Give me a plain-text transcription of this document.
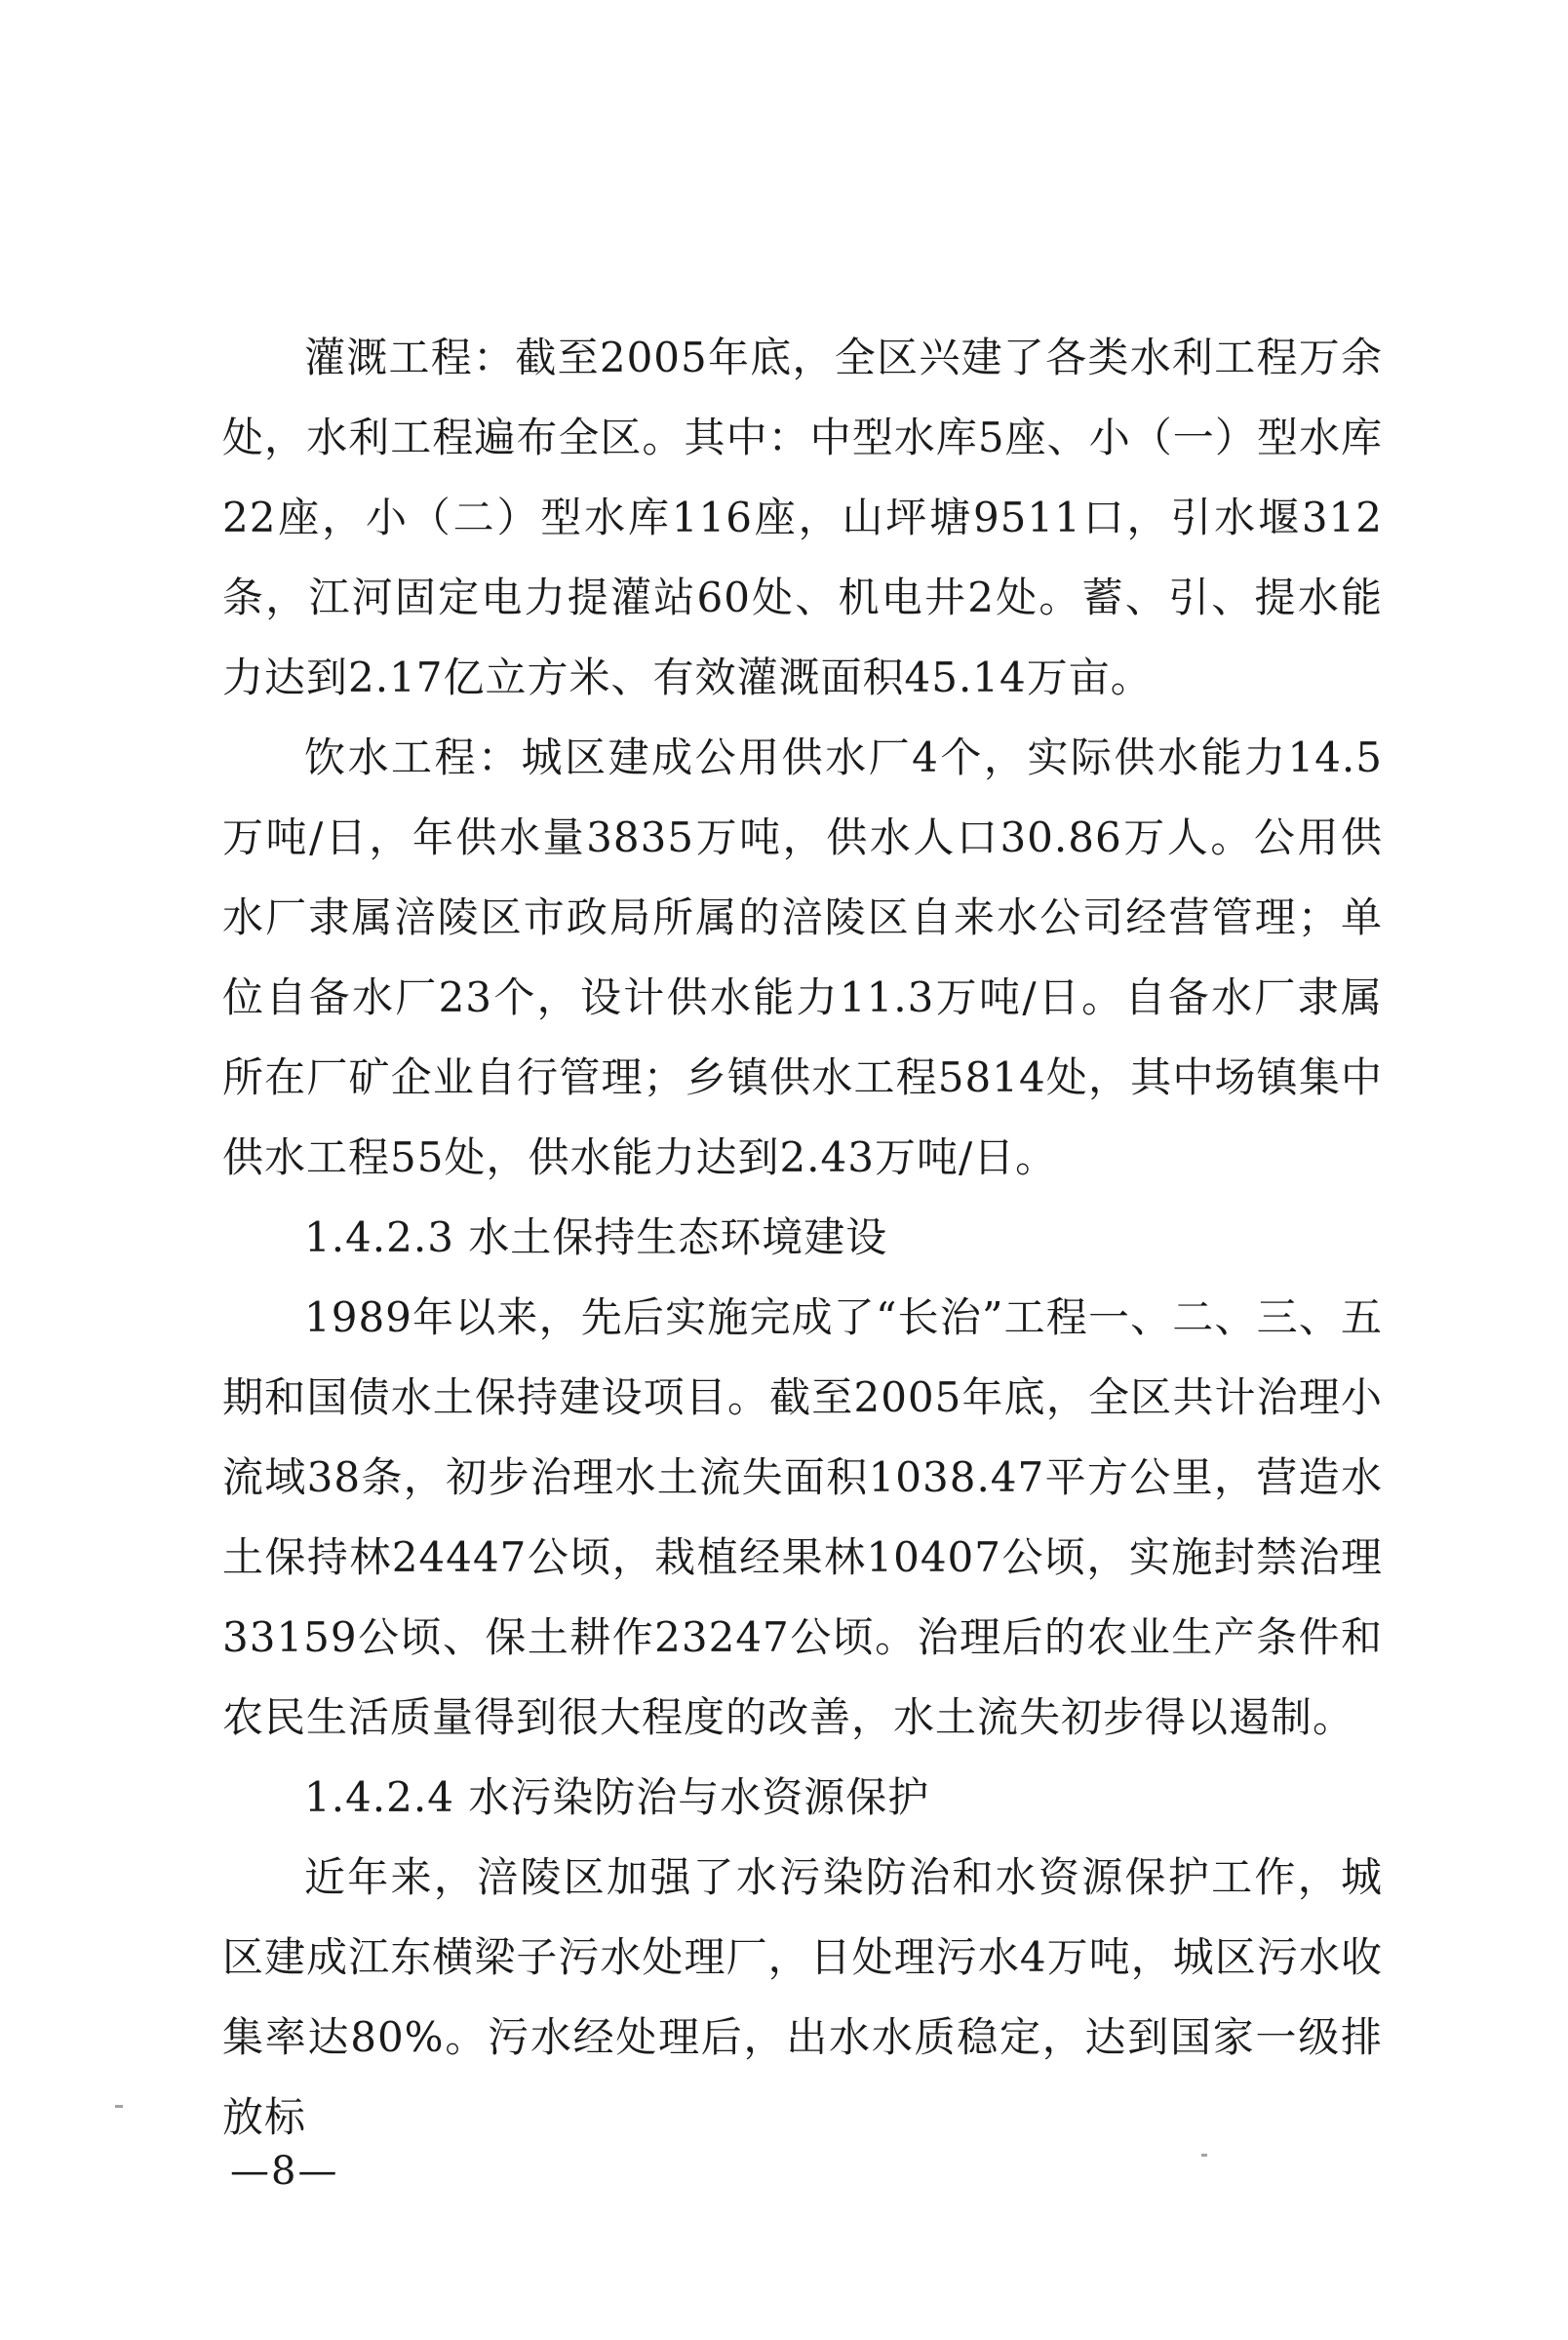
灌溉工程：截至2005年底，全区兴建了各类水利工程万余处，水利工程遍布全区。其中：中型水库5座、小（一）型水库22座，小（二）型水库116座，山坪塘9511口，引水堰312条，江河固定电力提灌站60处、机电井2处。蓄、引、提水能力达到2.17亿立方米、有效灌溉面积45.14万亩。

饮水工程：城区建成公用供水厂4个，实际供水能力14.5万吨/日，年供水量3835万吨，供水人口30.86万人。公用供水厂隶属涪陵区市政局所属的涪陵区自来水公司经营管理；单位自备水厂23个，设计供水能力11.3万吨/日。自备水厂隶属所在厂矿企业自行管理；乡镇供水工程5814处，其中场镇集中供水工程55处，供水能力达到2.43万吨/日。

1.4.2.3 水土保持生态环境建设

1989年以来，先后实施完成了“长治”工程一、二、三、五期和国债水土保持建设项目。截至2005年底，全区共计治理小流域38条，初步治理水土流失面积1038.47平方公里，营造水土保持林24447公顷，栽植经果林10407公顷，实施封禁治理33159公顷、保土耕作23247公顷。治理后的农业生产条件和农民生活质量得到很大程度的改善，水土流失初步得以遏制。

1.4.2.4 水污染防治与水资源保护

近年来，涪陵区加强了水污染防治和水资源保护工作，城区建成江东横梁子污水处理厂，日处理污水4万吨，城区污水收集率达80%。污水经处理后，出水水质稳定，达到国家一级排放标

—8—
